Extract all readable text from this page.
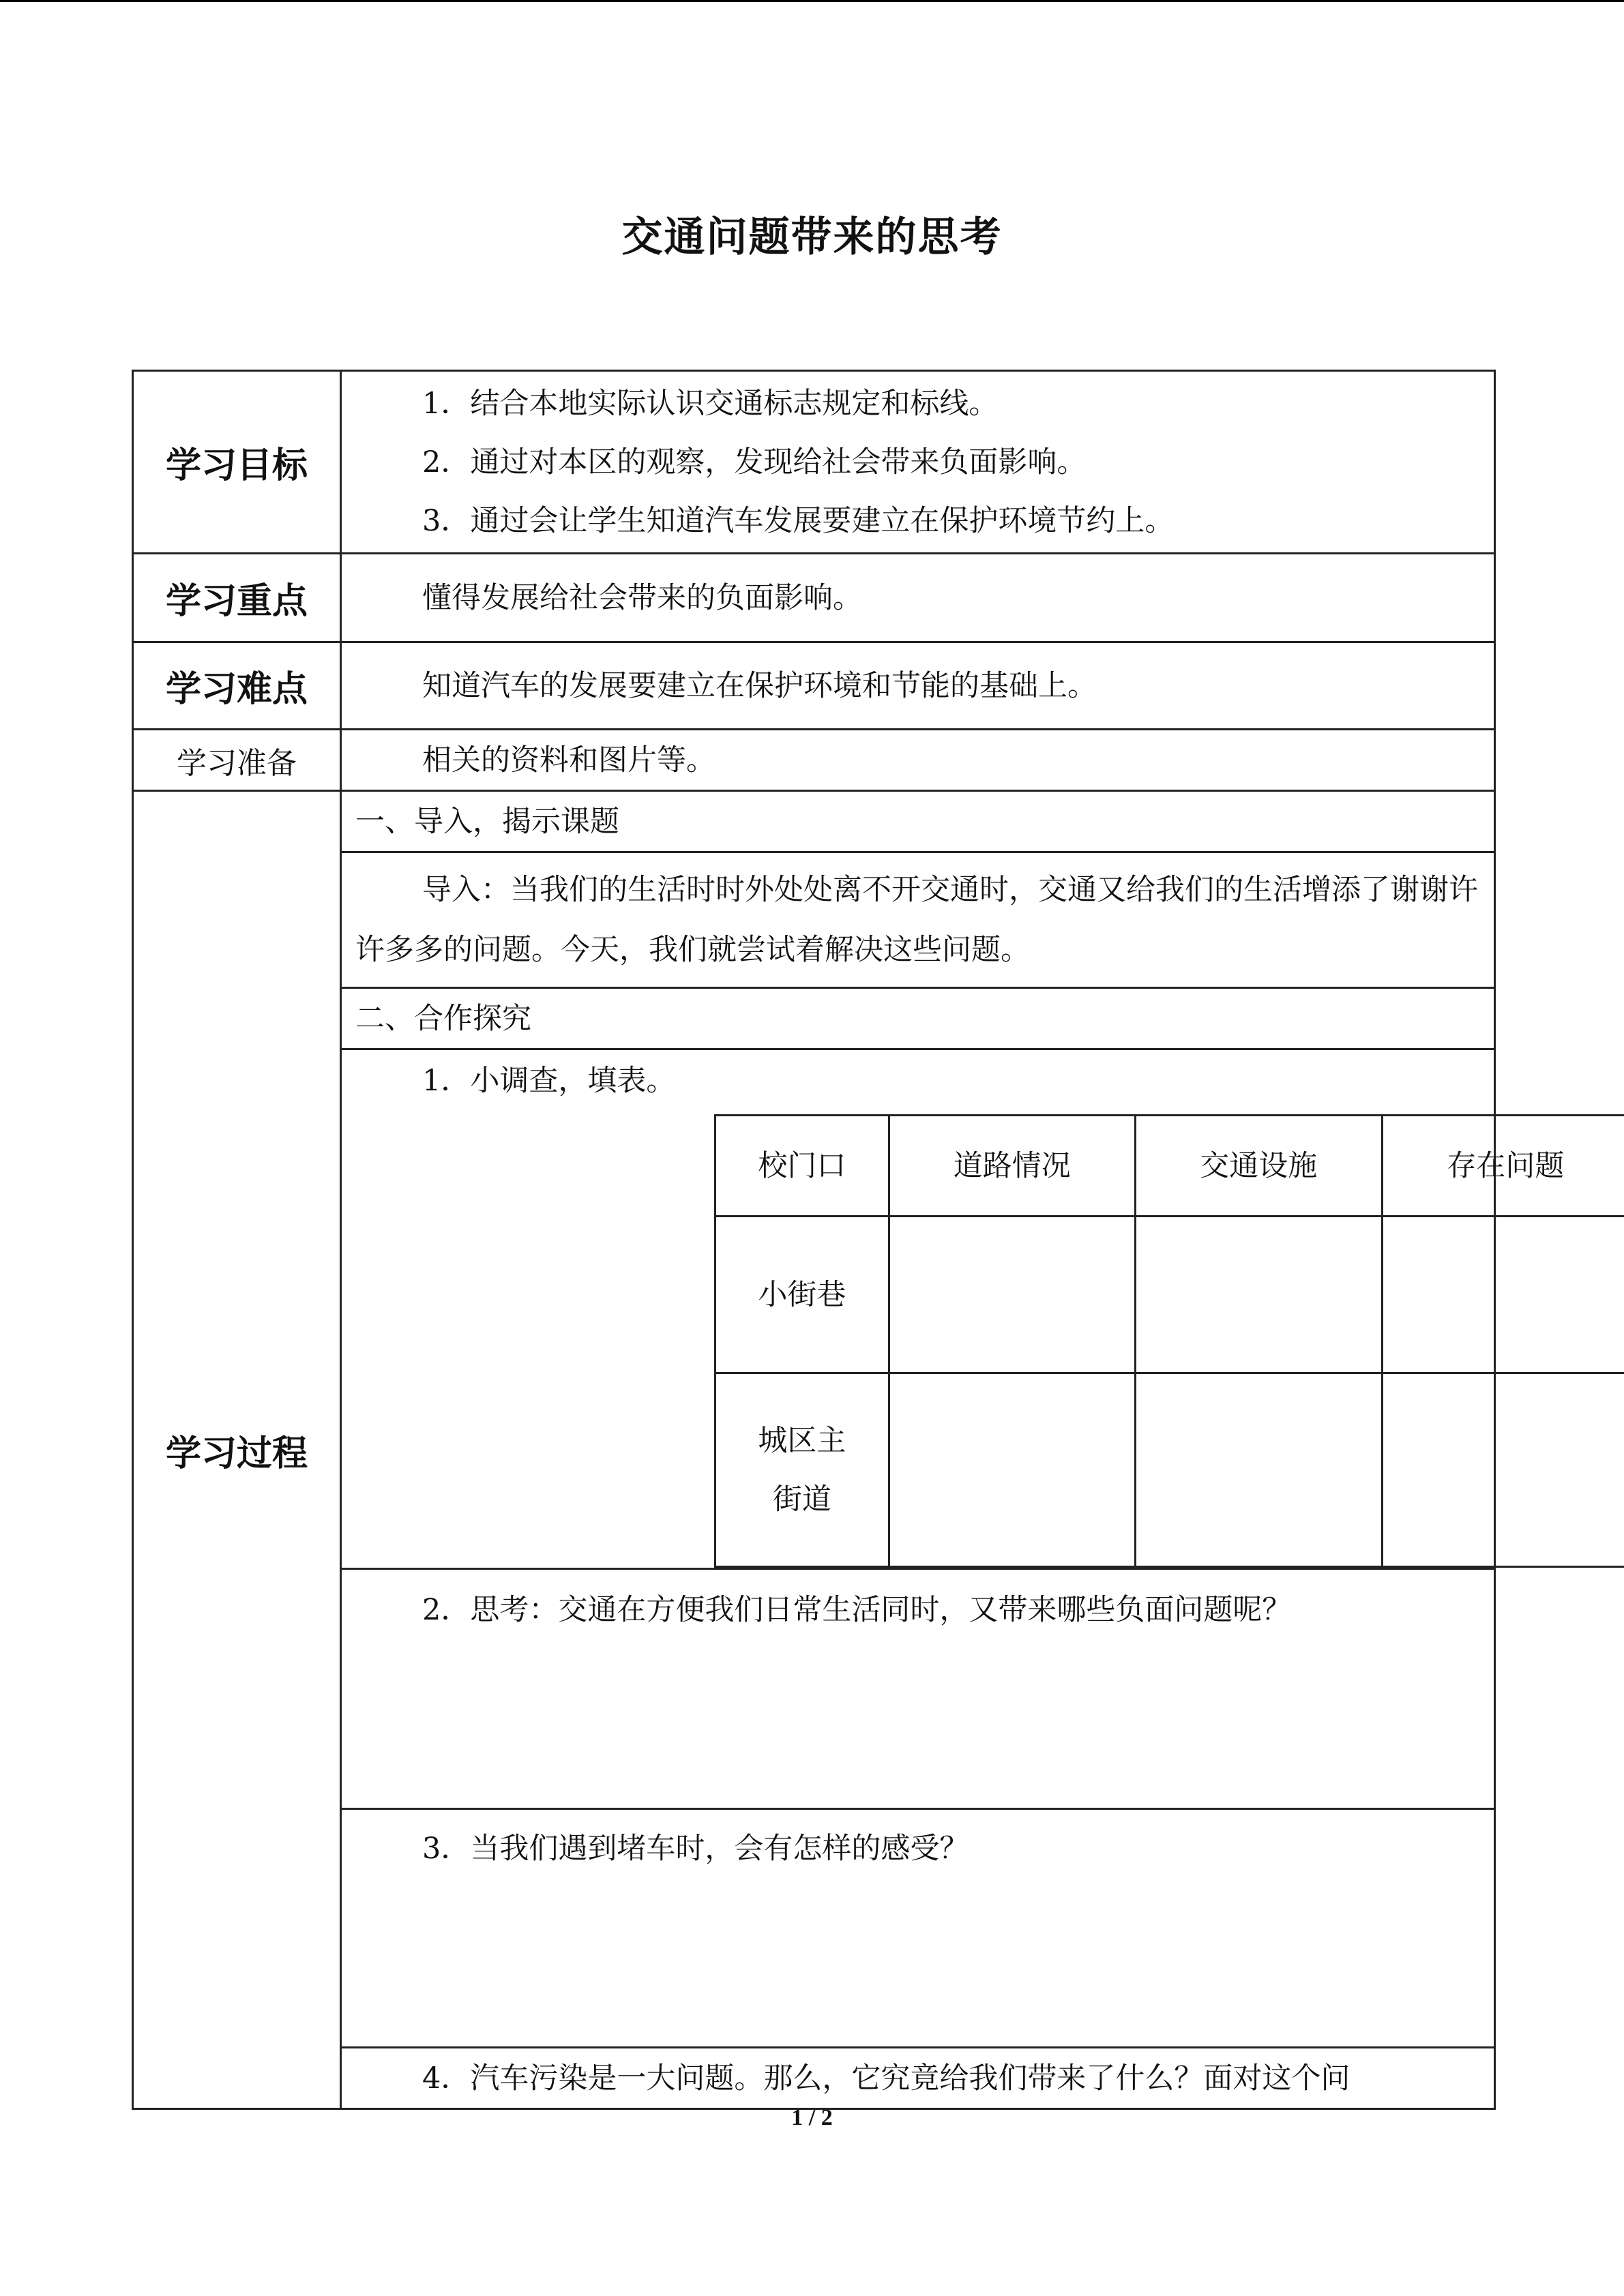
交通问题带来的思考
学习目标	
1．结合本地实际认识交通标志规定和标线。
2．通过对本区的观察，发现给社会带来负面影响。
3．通过会让学生知道汽车发展要建立在保护环境节约上。

学习重点	懂得发展给社会带来的负面影响。

学习难点	知道汽车的发展要建立在保护环境和节能的基础上。

学习准备	相关的资料和图片等。

学习过程	
一、导入，揭示课题

导入：当我们的生活时时外处处离不开交通时，交通又给我们的生活增添了谢谢许许多多的问题。今天，我们就尝试着解决这些问题。

二、合作探究

1．小调查，填表。
校门口	道路情况	交通设施	存在问题
小街巷			
城区主街道			

2．思考：交通在方便我们日常生活同时，又带来哪些负面问题呢？

3．当我们遇到堵车时，会有怎样的感受？

4．汽车污染是一大问题。那么，它究竟给我们带来了什么？面对这个问
1 / 2
